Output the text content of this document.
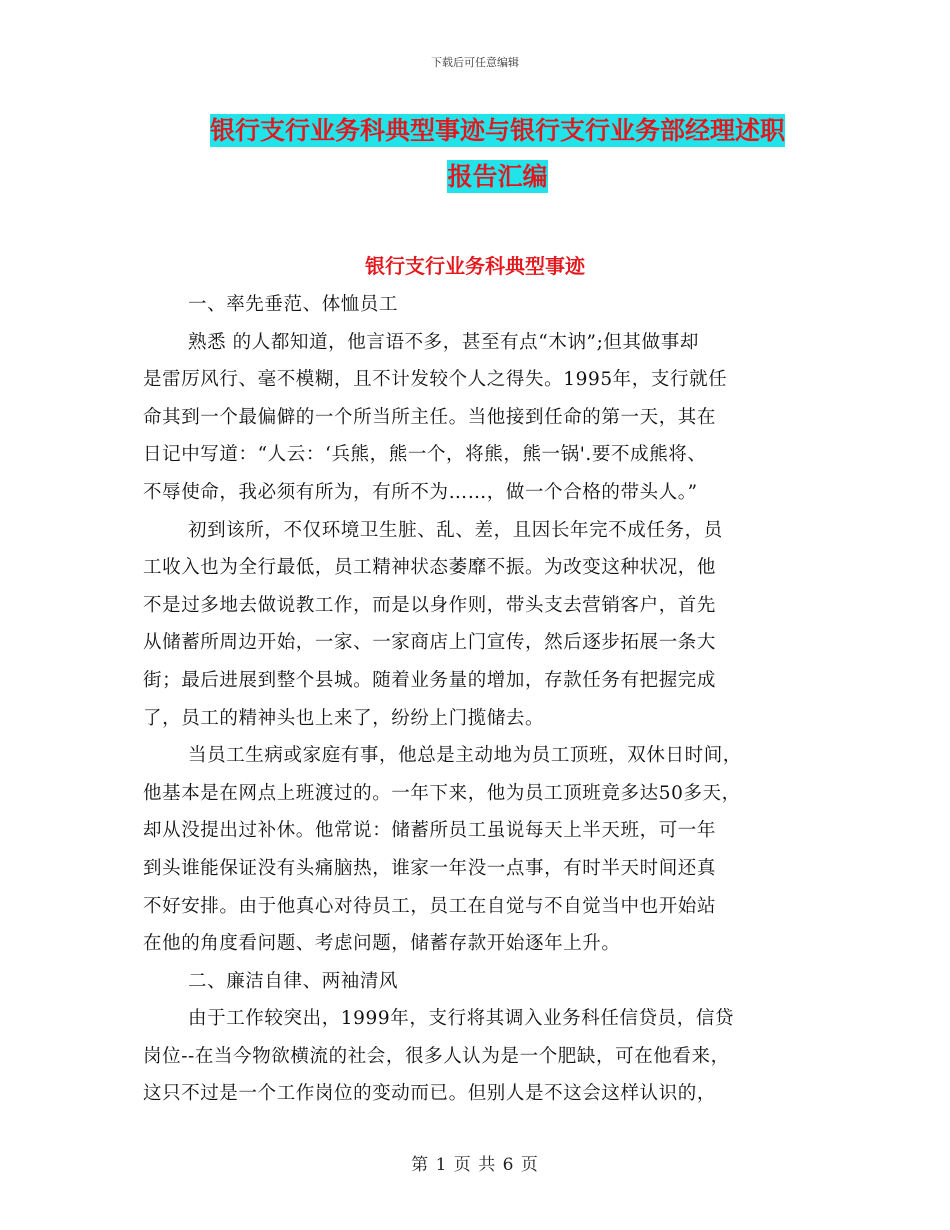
下载后可任意编辑
银行支行业务科典型事迹与银行支行业务部经理述职
报告汇编
银行支行业务科典型事迹
一、率先垂范、体恤员工
熟悉 的人都知道，他言语不多，甚至有点“木讷”;但其做事却
是雷厉风行、毫不模糊，且不计发较个人之得失。1995年，支行就任
命其到一个最偏僻的一个所当所主任。当他接到任命的第一天，其在
日记中写道：“人云：‘兵熊，熊一个，将熊，熊一锅'.要不成熊将、
不辱使命，我必须有所为，有所不为……，做一个合格的带头人。”
初到该所，不仅环境卫生脏、乱、差，且因长年完不成任务，员
工收入也为全行最低，员工精神状态萎靡不振。为改变这种状况，他
不是过多地去做说教工作，而是以身作则，带头支去营销客户，首先
从储蓄所周边开始，一家、一家商店上门宣传，然后逐步拓展一条大
街；最后进展到整个县城。随着业务量的增加，存款任务有把握完成
了，员工的精神头也上来了，纷纷上门揽储去。
当员工生病或家庭有事，他总是主动地为员工顶班，双休日时间，
他基本是在网点上班渡过的。一年下来，他为员工顶班竟多达50多天，
却从没提出过补休。他常说：储蓄所员工虽说每天上半天班，可一年
到头谁能保证没有头痛脑热，谁家一年没一点事，有时半天时间还真
不好安排。由于他真心对待员工，员工在自觉与不自觉当中也开始站
在他的角度看问题、考虑问题，储蓄存款开始逐年上升。
二、廉洁自律、两袖清风
由于工作较突出，1999年，支行将其调入业务科任信贷员，信贷
岗位--在当今物欲横流的社会，很多人认为是一个肥缺，可在他看来，
这只不过是一个工作岗位的变动而已。但别人是不这会这样认识的，
第 1 页 共 6 页
